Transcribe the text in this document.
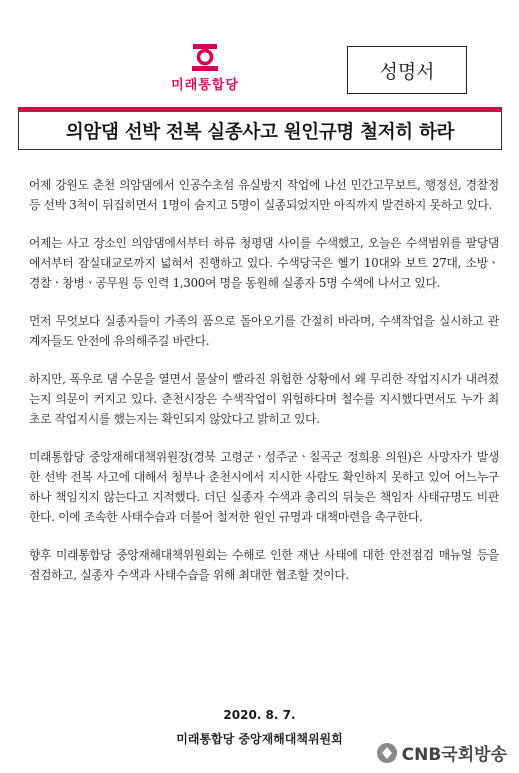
미래통합당
성명서
의암댐 선박 전복 실종사고 원인규명 철저히 하라

어제 강원도 춘천 의암댐에서 인공수초섬 유실방지 작업에 나선 민간고무보트, 행정선, 경찰정 등 선박 3척이 뒤집히면서 1명이 숨지고 5명이 실종되었지만 아직까지 발견하지 못하고 있다.

어제는 사고 장소인 의암댐에서부터 하류 청평댐 사이를 수색했고, 오늘은 수색범위를 팔당댐에서부터 잠실대교로까지 넓혀서 진행하고 있다. 수색당국은 헬기 10대와 보트 27대, 소방ㆍ경찰ㆍ창병ㆍ공무원 등 인력 1,300여 명을 동원해 실종자 5명 수색에 나서고 있다.

먼저 무엇보다 실종자들이 가족의 품으로 돌아오기를 간절히 바라며, 수색작업을 실시하고 관계자들도 안전에 유의해주길 바란다.

하지만, 폭우로 댐 수문을 열면서 물살이 빨라진 위험한 상황에서 왜 무리한 작업지시가 내려졌는지 의문이 커지고 있다. 춘천시장은 수색작업이 위험하다며 철수를 지시했다면서도 누가 최초로 작업지시를 했는지는 확인되지 않았다고 밝히고 있다.

미래통합당 중앙재해대책위원장(경북 고령군ㆍ성주군ㆍ칠곡군 정희용 의원)은 사망자가 발생한 선박 전복 사고에 대해서 청부나 춘천시에서 지시한 사람도 확인하지 못하고 있어 어느누구 하나 책임지지 않는다고 지적했다. 더딘 실종자 수색과 총리의 뒤늦은 책임자 사태규명도 비판한다. 이에 조속한 사태수습과 더불어 철저한 원인 규명과 대책마련을 촉구한다.

향후 미래통합당 중앙재해대책위원회는 수해로 인한 재난 사태에 대한 안전점검 매뉴얼 등을 점검하고, 실종자 수색과 사태수습을 위해 최대한 협조할 것이다.

2020. 8. 7.
미래통합당 중앙재해대책위원회
CNB국회방송
